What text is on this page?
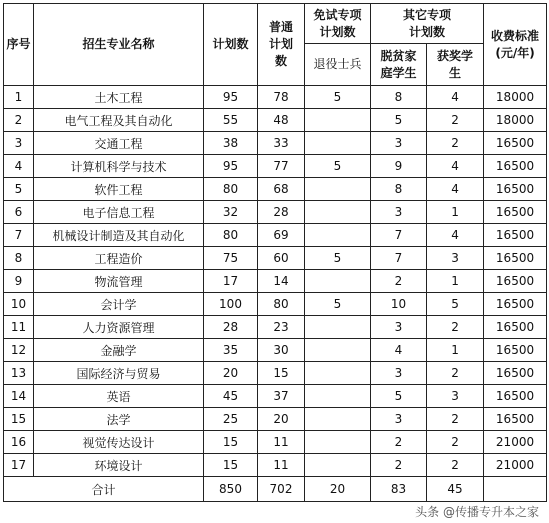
序号	招生专业名称	计划数	普通计划数	免试专项计划数	其它专项计划数		收费标准(元/年)
				退役士兵	脱贫家庭学生	获奖学生	
1	土木工程	95	78	5	8	4	18000
2	电气工程及其自动化	55	48		5	2	18000
3	交通工程	38	33		3	2	16500
4	计算机科学与技术	95	77	5	9	4	16500
5	软件工程	80	68		8	4	16500
6	电子信息工程	32	28		3	1	16500
7	机械设计制造及其自动化	80	69		7	4	16500
8	工程造价	75	60	5	7	3	16500
9	物流管理	17	14		2	1	16500
10	会计学	100	80	5	10	5	16500
11	人力资源管理	28	23		3	2	16500
12	金融学	35	30		4	1	16500
13	国际经济与贸易	20	15		3	2	16500
14	英语	45	37		5	3	16500
15	法学	25	20		3	2	16500
16	视觉传达设计	15	11		2	2	21000
17	环境设计	15	11		2	2	21000
合计		850	702	20	83	45	
头条 @传播专升本之家
